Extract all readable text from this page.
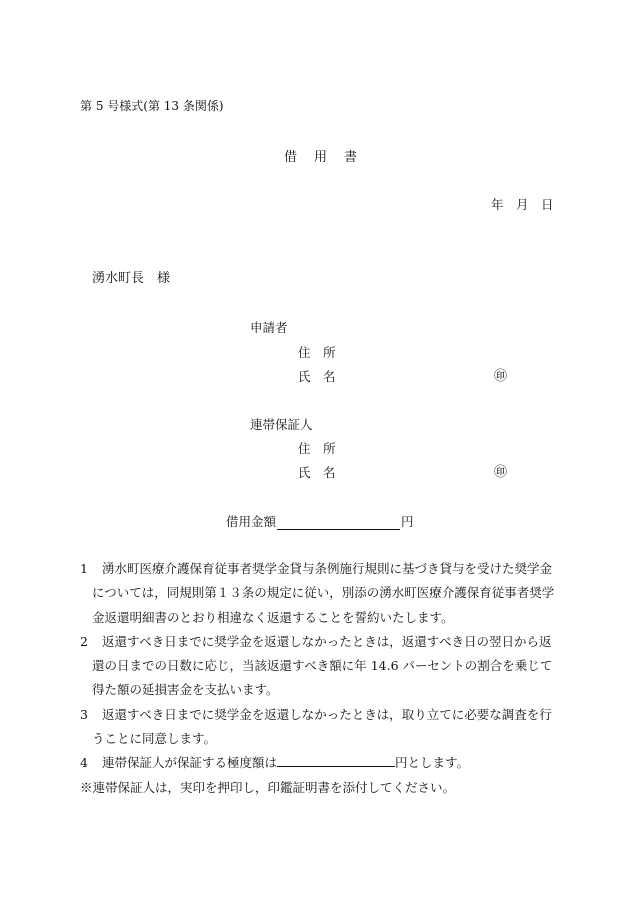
第 5 号様式(第 13 条関係)
借　用　書
年　月　日
湧水町長　様
申請者
住　所
氏　名	㊞
連帯保証人
住　所
氏　名	㊞
借用金額	円
1 湧水町医療介護保育従事者奨学金貸与条例施行規則に基づき貸与を受けた奨学金については，同規則第１３条の規定に従い，別添の湧水町医療介護保育従事者奨学金返還明細書のとおり相違なく返還することを誓約いたします。
2 返還すべき日までに奨学金を返還しなかったときは，返還すべき日の翌日から返還の日までの日数に応じ，当該返還すべき額に年 14.6 パーセントの割合を乗じて得た額の延損害金を支払います。
3 返還すべき日までに奨学金を返還しなかったときは，取り立てに必要な調査を行うことに同意します。
4 連帯保証人が保証する極度額は	円とします。
※連帯保証人は，実印を押印し，印鑑証明書を添付してください。
